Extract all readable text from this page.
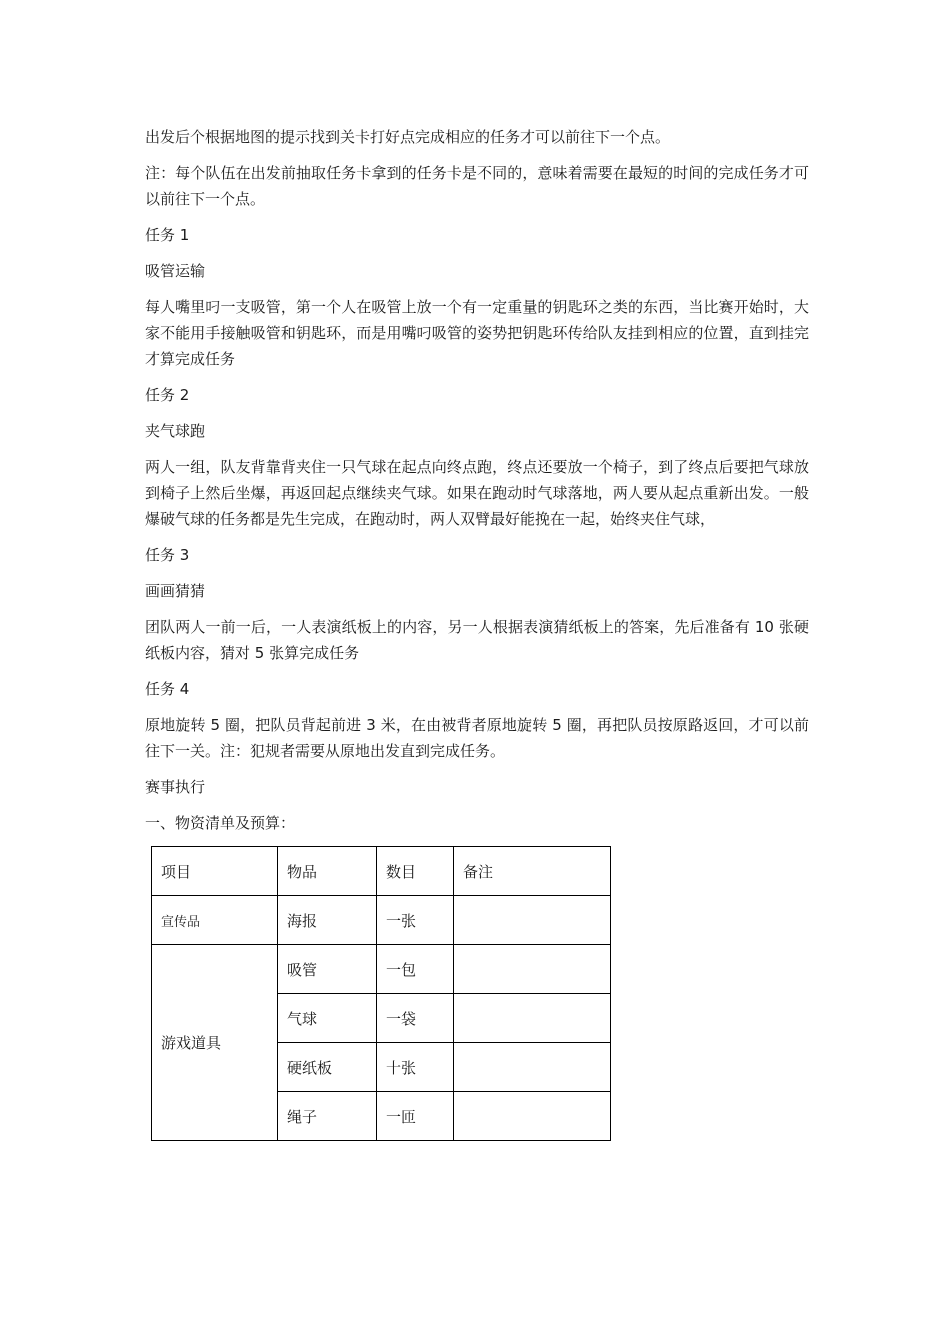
出发后个根据地图的提示找到关卡打好点完成相应的任务才可以前往下一个点。

注：每个队伍在出发前抽取任务卡拿到的任务卡是不同的，意味着需要在最短的时间的完成任务才可以前往下一个点。

任务 1

吸管运输

每人嘴里叼一支吸管，第一个人在吸管上放一个有一定重量的钥匙环之类的东西，当比赛开始时，大家不能用手接触吸管和钥匙环，而是用嘴叼吸管的姿势把钥匙环传给队友挂到相应的位置，直到挂完才算完成任务

任务 2

夹气球跑

两人一组，队友背靠背夹住一只气球在起点向终点跑，终点还要放一个椅子，到了终点后要把气球放到椅子上然后坐爆，再返回起点继续夹气球。如果在跑动时气球落地，两人要从起点重新出发。一般爆破气球的任务都是先生完成，在跑动时，两人双臂最好能挽在一起，始终夹住气球，

任务 3

画画猜猜

团队两人一前一后，一人表演纸板上的内容，另一人根据表演猜纸板上的答案，先后准备有 10 张硬纸板内容，猜对 5 张算完成任务

任务 4

原地旋转 5 圈，把队员背起前进 3 米，在由被背者原地旋转 5 圈，再把队员按原路返回，才可以前往下一关。注：犯规者需要从原地出发直到完成任务。

赛事执行

一、物资清单及预算：

项目	物品	数目	备注
宣传品	海报	一张	
游戏道具	吸管	一包	
	气球	一袋	
	硬纸板	十张	
	绳子	一匝	
